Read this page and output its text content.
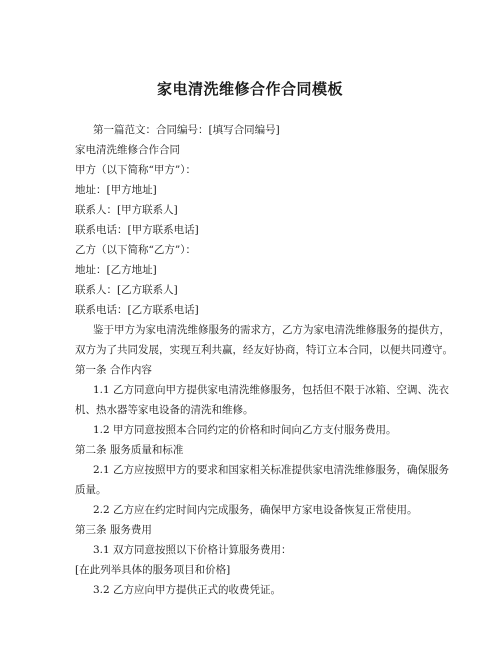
家电清洗维修合作合同模板
第一篇范文：合同编号：[填写合同编号]
家电清洗维修合作合同
甲方（以下简称“甲方”）：
地址：[甲方地址]
联系人：[甲方联系人]
联系电话：[甲方联系电话]
乙方（以下简称“乙方”）：
地址：[乙方地址]
联系人：[乙方联系人]
联系电话：[乙方联系电话]
鉴于甲方为家电清洗维修服务的需求方，乙方为家电清洗维修服务的提供方，
双方为了共同发展，实现互利共赢，经友好协商，特订立本合同，以便共同遵守。
第一条 合作内容
1.1 乙方同意向甲方提供家电清洗维修服务，包括但不限于冰箱、空调、洗衣
机、热水器等家电设备的清洗和维修。
1.2 甲方同意按照本合同约定的价格和时间向乙方支付服务费用。
第二条 服务质量和标准
2.1 乙方应按照甲方的要求和国家相关标准提供家电清洗维修服务，确保服务
质量。
2.2 乙方应在约定时间内完成服务，确保甲方家电设备恢复正常使用。
第三条 服务费用
3.1 双方同意按照以下价格计算服务费用：
[在此列举具体的服务项目和价格]
3.2 乙方应向甲方提供正式的收费凭证。
